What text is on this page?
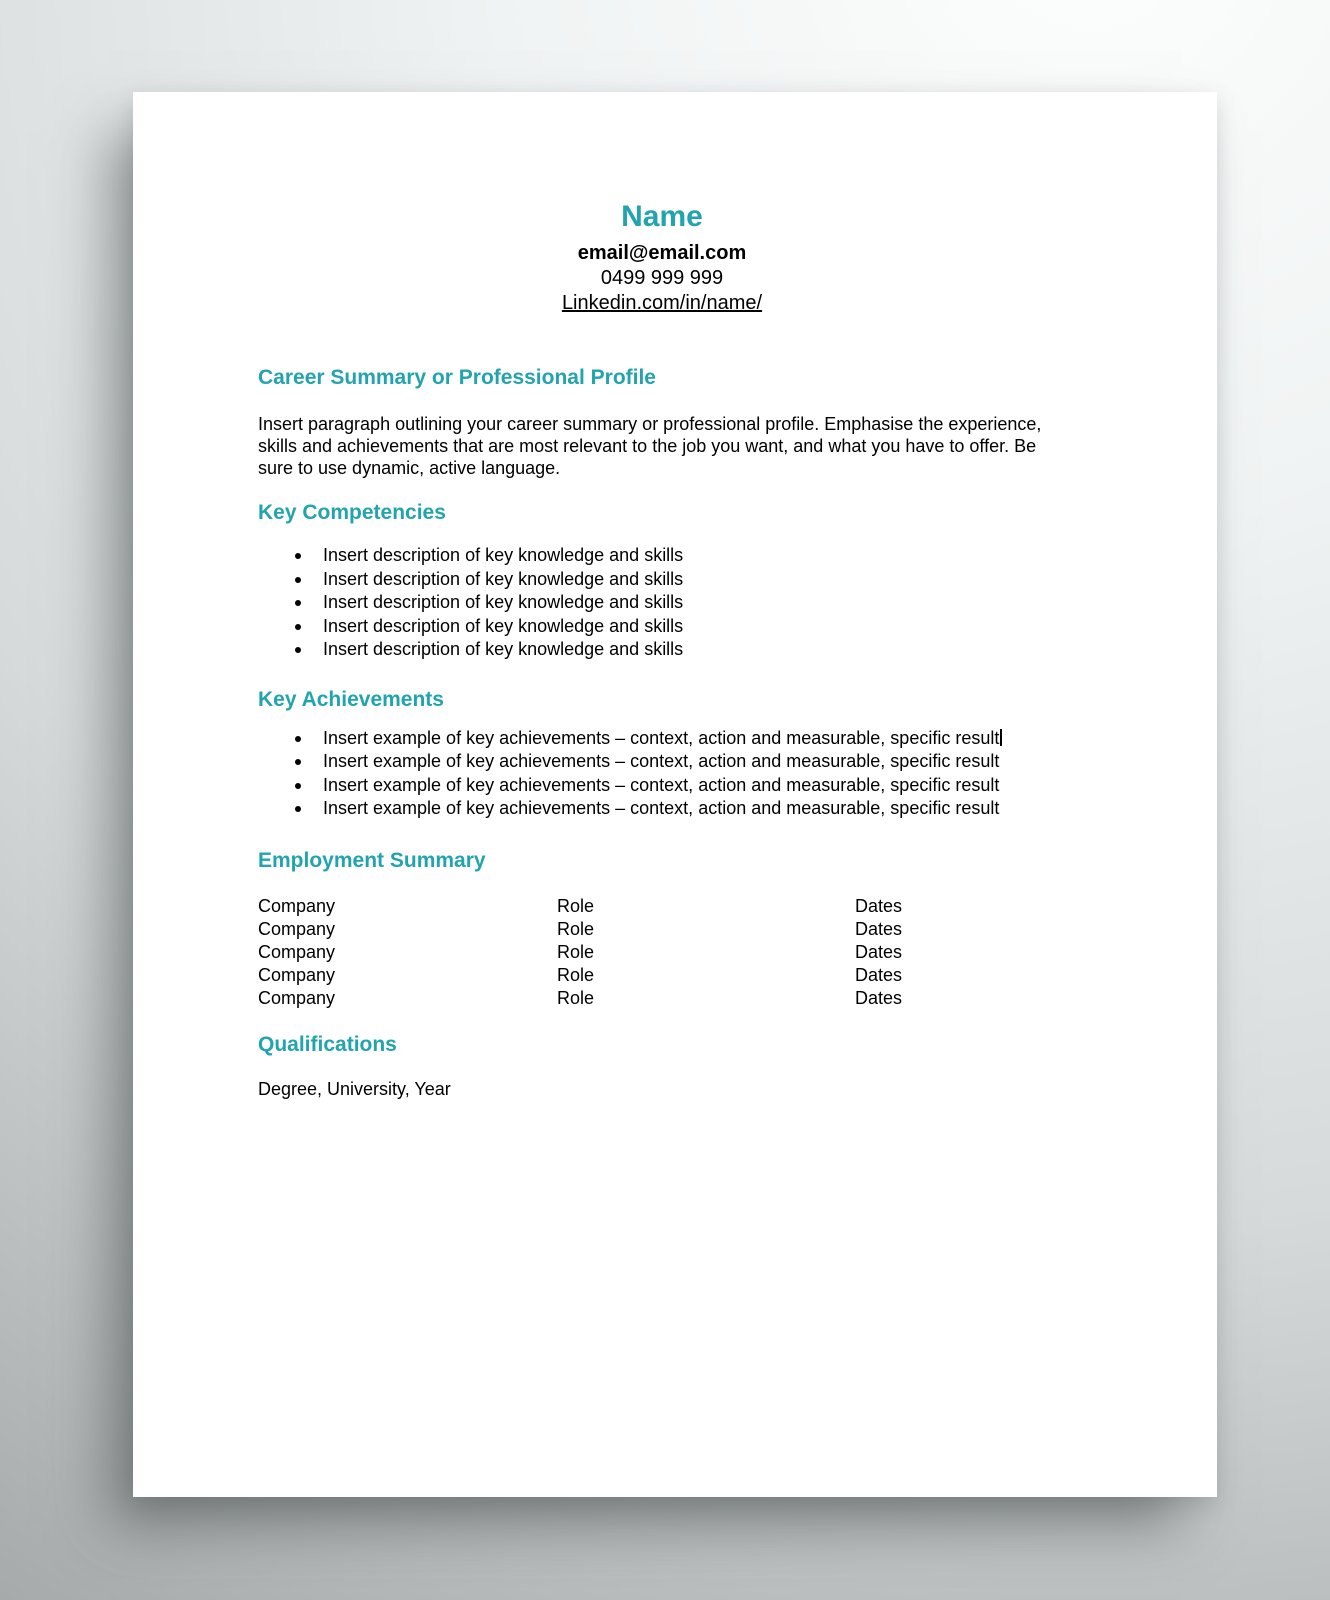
Name
email@email.com
0499 999 999
Linkedin.com/in/name/
Career Summary or Professional Profile

Insert paragraph outlining your career summary or professional profile. Emphasise the experience, skills and achievements that are most relevant to the job you want, and what you have to offer. Be sure to use dynamic, active language.

Key Competencies
Insert description of key knowledge and skills
Insert description of key knowledge and skills
Insert description of key knowledge and skills
Insert description of key knowledge and skills
Insert description of key knowledge and skills
Key Achievements
Insert example of key achievements – context, action and measurable, specific result
Insert example of key achievements – context, action and measurable, specific result
Insert example of key achievements – context, action and measurable, specific result
Insert example of key achievements – context, action and measurable, specific result
Employment Summary
Company	Role	Dates
Company	Role	Dates
Company	Role	Dates
Company	Role	Dates
Company	Role	Dates
Qualifications

Degree, University, Year
